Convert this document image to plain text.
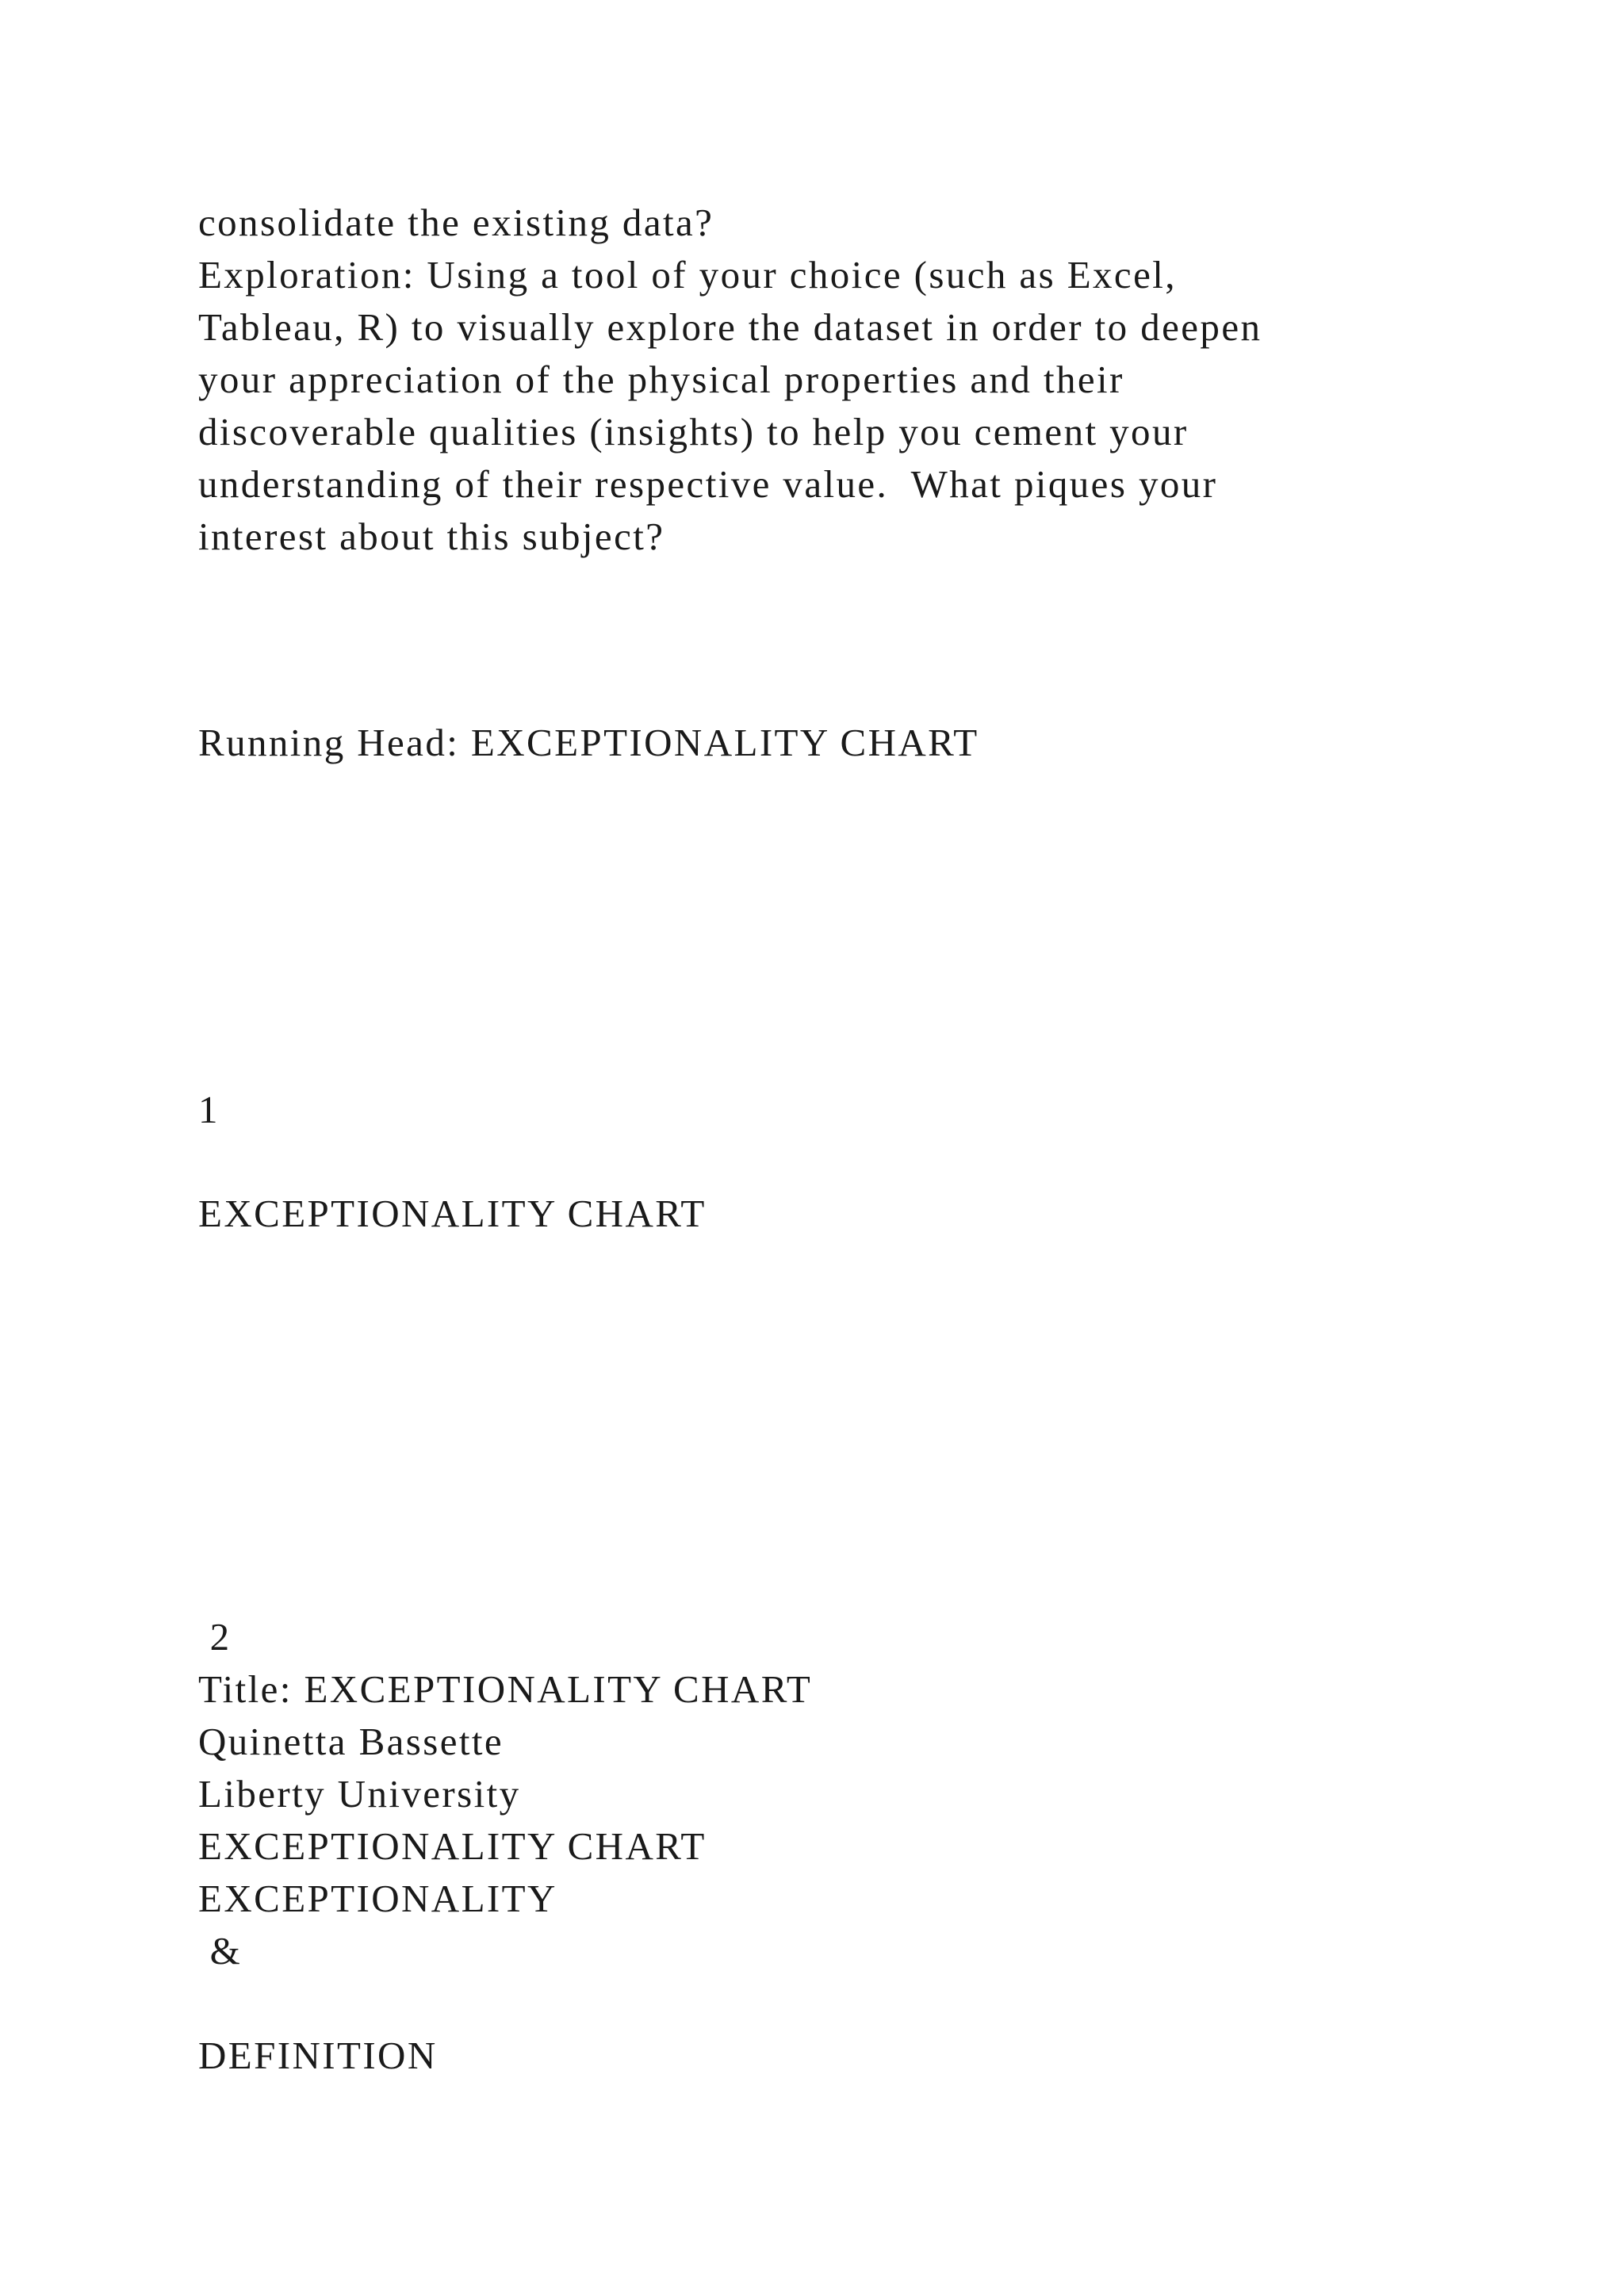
consolidate the existing data?

Exploration: Using a tool of your choice (such as Excel,

Tableau, R) to visually explore the dataset in order to deepen

your appreciation of the physical properties and their

discoverable qualities (insights) to help you cement your

understanding of their respective value.  What piques your

interest about this subject?

Running Head: EXCEPTIONALITY CHART

1

EXCEPTIONALITY CHART

2

Title: EXCEPTIONALITY CHART

Quinetta Bassette

Liberty University

EXCEPTIONALITY CHART

EXCEPTIONALITY

&

DEFINITION
